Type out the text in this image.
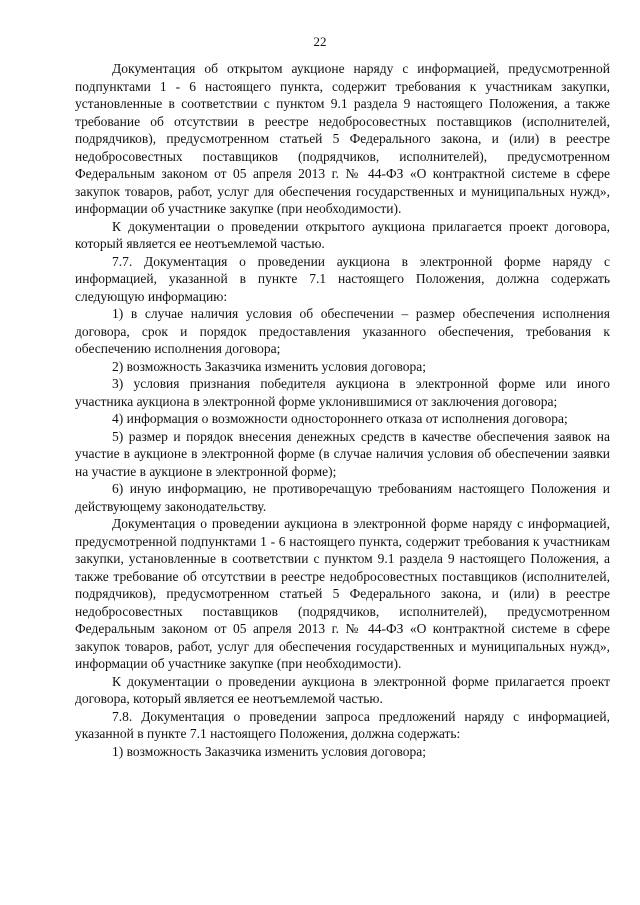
22

Документация об открытом аукционе наряду с информацией, предусмотренной подпунктами 1 - 6 настоящего пункта, содержит требования к участникам закупки, установленные в соответствии с пунктом 9.1 раздела 9 настоящего Положения, а также требование об отсутствии в реестре недобросовестных поставщиков (исполнителей, подрядчиков), предусмотренном статьей 5 Федерального закона, и (или) в реестре недобросовестных поставщиков (подрядчиков, исполнителей), предусмотренном Федеральным законом от 05 апреля 2013 г. № 44-ФЗ «О контрактной системе в сфере закупок товаров, работ, услуг для обеспечения государственных и муниципальных нужд», информации об участнике закупке (при необходимости).

К документации о проведении открытого аукциона прилагается проект договора, который является ее неотъемлемой частью.

7.7. Документация о проведении аукциона в электронной форме наряду с информацией, указанной в пункте 7.1 настоящего Положения, должна содержать следующую информацию:

1) в случае наличия условия об обеспечении – размер обеспечения исполнения договора, срок и порядок предоставления указанного обеспечения, требования к обеспечению исполнения договора;

2) возможность Заказчика изменить условия договора;

3) условия признания победителя аукциона в электронной форме или иного участника аукциона в электронной форме уклонившимися от заключения договора;

4) информация о возможности одностороннего отказа от исполнения договора;

5) размер и порядок внесения денежных средств в качестве обеспечения заявок на участие в аукционе в электронной форме (в случае наличия условия об обеспечении заявки на участие в аукционе в электронной форме);

6) иную информацию, не противоречащую требованиям настоящего Положения и действующему законодательству.

Документация о проведении аукциона в электронной форме наряду с информацией, предусмотренной подпунктами 1 - 6 настоящего пункта, содержит требования к участникам закупки, установленные в соответствии с пунктом 9.1 раздела 9 настоящего Положения, а также требование об отсутствии в реестре недобросовестных поставщиков (исполнителей, подрядчиков), предусмотренном статьей 5 Федерального закона, и (или) в реестре недобросовестных поставщиков (подрядчиков, исполнителей), предусмотренном Федеральным законом от 05 апреля 2013 г. № 44-ФЗ «О контрактной системе в сфере закупок товаров, работ, услуг для обеспечения государственных и муниципальных нужд», информации об участнике закупке (при необходимости).

К документации о проведении аукциона в электронной форме прилагается проект договора, который является ее неотъемлемой частью.

7.8. Документация о проведении запроса предложений наряду с информацией, указанной в пункте 7.1 настоящего Положения, должна содержать:

1) возможность Заказчика изменить условия договора;
